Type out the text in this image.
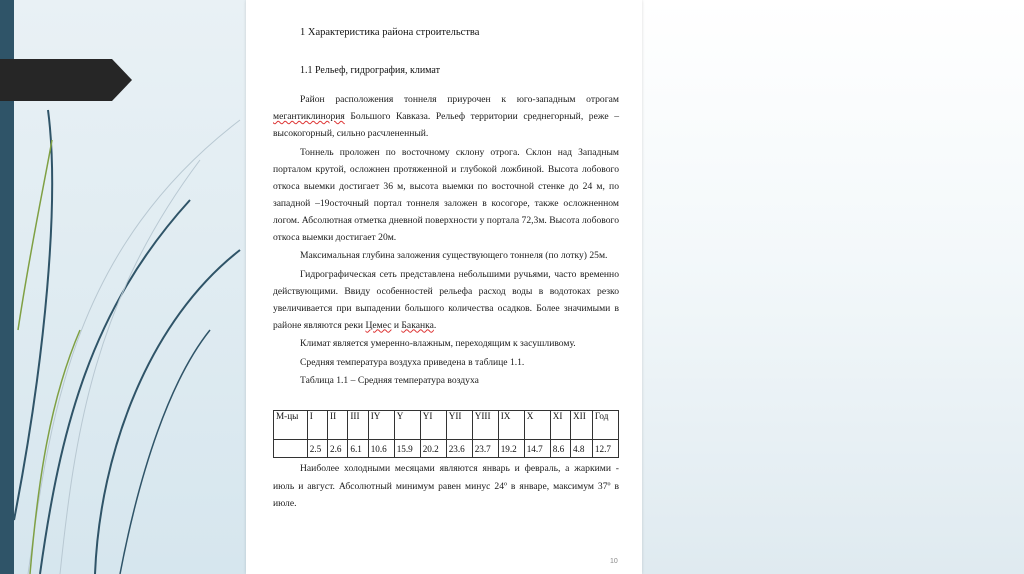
1 Характеристика района строительства
1.1 Рельеф, гидрография, климат

Район расположения тоннеля приурочен к юго-западным отрогам мегантиклинория Большого Кавказа. Рельеф территории среднегорный, реже – высокогорный, сильно расчлененный.

Тоннель проложен по восточному склону отрога. Склон над Западным порталом крутой, осложнен протяженной и глубокой ложбиной. Высота лобового откоса выемки достигает 36 м, высота выемки по восточной стенке до 24 м, по западной –19осточный портал тоннеля заложен в косогоре, также осложненном логом. Абсолютная отметка дневной поверхности у портала 72,3м. Высота лобового откоса выемки достигает 20м.

Максимальная глубина заложения существующего тоннеля (по лотку) 25м.

Гидрографическая сеть представлена небольшими ручьями, часто временно действующими. Ввиду особенностей рельефа расход воды в водотоках резко увеличивается при выпадении большого количества осадков. Более значимыми в районе являются реки Цемес и Баканка.

Климат является умеренно-влажным, переходящим к засушливому.

Средняя температура воздуха приведена в таблице 1.1.

Таблица 1.1 – Средняя температура воздуха

М-цы	I	II	III	IY	Y	YI	YII	YIII	IX	X	XI	XII	Год
	2.5	2.6	6.1	10.6	15.9	20.2	23.6	23.7	19.2	14.7	8.6	4.8	12.7

Наиболее холодными месяцами являются январь и февраль, а жаркими - июль и август. Абсолютный минимум равен минус 24º в январе, максимум 37º в июле.

10
